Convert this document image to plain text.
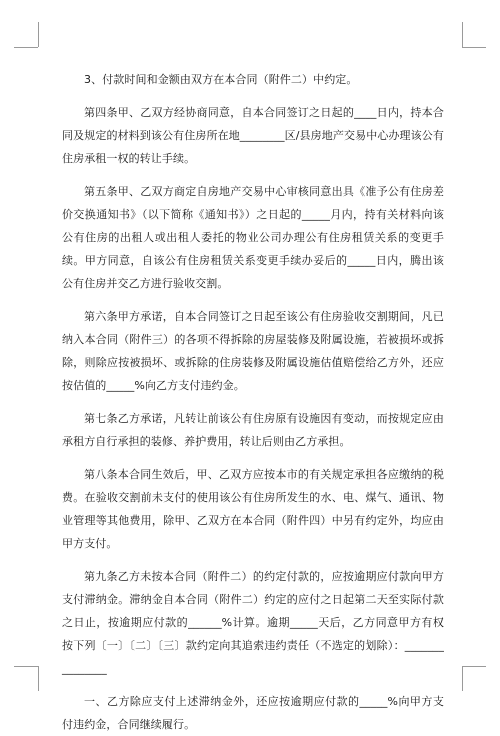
3、付款时间和金额由双方在本合同（附件二）中约定。

第四条甲、乙双方经协商同意，自本合同签订之日起的____日内，持本合同及规定的材料到该公有住房所在地________区/县房地产交易中心办理该公有住房承租一权的转让手续。

第五条甲、乙双方商定自房地产交易中心审核同意出具《准予公有住房差价交换通知书》（以下简称《通知书》）之日起的_____月内，持有关材料向该公有住房的出租人或出租人委托的物业公司办理公有住房租赁关系的变更手续。甲方同意，自该公有住房租赁关系变更手续办妥后的_____日内，腾出该公有住房并交乙方进行验收交割。

第六条甲方承诺，自本合同签订之日起至该公有住房验收交割期间，凡已纳入本合同（附件三）的各项不得拆除的房屋装修及附属设施，若被损坏或拆除，则除应按被损坏、或拆除的住房装修及附属设施估值赔偿给乙方外，还应按估值的_____%向乙方支付违约金。

第七条乙方承诺，凡转让前该公有住房原有设施因有变动，而按规定应由承租方自行承担的装修、养护费用，转让后则由乙方承担。

第八条本合同生效后，甲、乙双方应按本市的有关规定承担各应缴纳的税费。在验收交割前未支付的使用该公有住房所发生的水、电、煤气、通讯、物业管理等其他费用，除甲、乙双方在本合同（附件四）中另有约定外，均应由甲方支付。

第九条乙方未按本合同（附件二）的约定付款的，应按逾期应付款向甲方支付滞纳金。滞纳金自本合同（附件二）约定的应付之日起第二天至实际付款之日止，按逾期应付款的______%计算。逾期_____天后，乙方同意甲方有权按下列〔一〕〔二〕〔三〕款约定向其追索违约责任（不选定的划除）：_______________

一、乙方除应支付上述滞纳金外，还应按逾期应付款的_____%向甲方支付违约金，合同继续履行。
